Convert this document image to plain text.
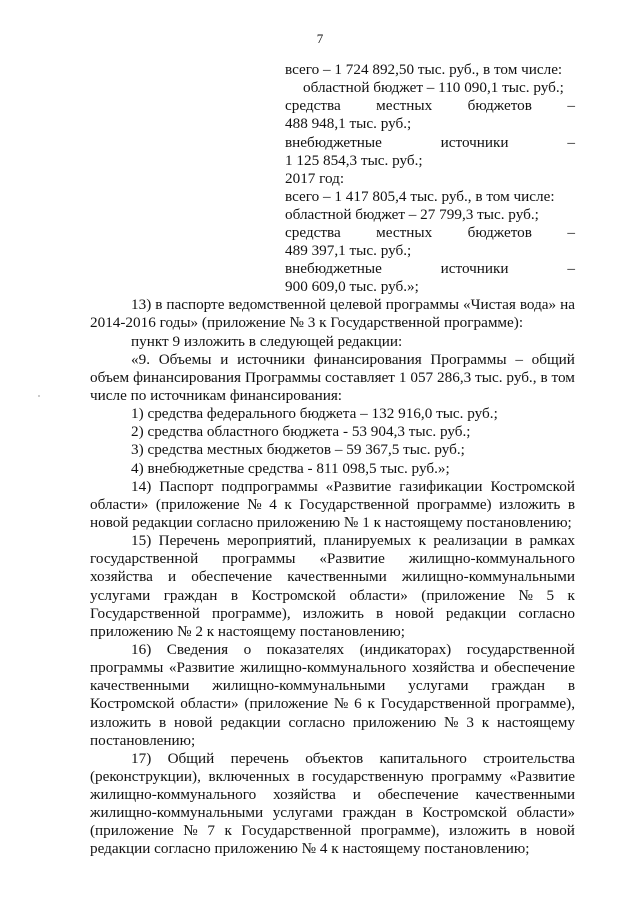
7
всего – 1 724 892,50 тыс. руб., в том числе:
областной бюджет – 110 090,1 тыс. руб.;
средства местных бюджетов –
488 948,1 тыс. руб.;
внебюджетные	источники	–
1 125 854,3 тыс. руб.;
2017 год:
всего – 1 417 805,4 тыс. руб., в том числе:
областной бюджет – 27 799,3 тыс. руб.;
средства местных бюджетов –
489 397,1 тыс. руб.;
внебюджетные	источники	–
900 609,0 тыс. руб.»;
13) в паспорте ведомственной целевой программы «Чистая вода» на
2014-2016 годы» (приложение № 3 к Государственной программе):
пункт 9 изложить в следующей редакции:
«9. Объемы и источники финансирования Программы – общий
объем финансирования Программы составляет 1 057 286,3 тыс. руб., в том
числе по источникам финансирования:
1) средства федерального бюджета – 132 916,0 тыс. руб.;
2) средства областного бюджета - 53 904,3 тыс. руб.;
3) средства местных бюджетов – 59 367,5 тыс. руб.;
4) внебюджетные средства - 811 098,5 тыс. руб.»;
14) Паспорт подпрограммы «Развитие газификации Костромской
области» (приложение № 4 к Государственной программе) изложить в
новой редакции согласно приложению № 1 к настоящему постановлению;
15) Перечень мероприятий, планируемых к реализации в рамках
государственной программы «Развитие жилищно-коммунального
хозяйства и обеспечение качественными жилищно-коммунальными
услугами граждан в Костромской области» (приложение № 5 к
Государственной программе), изложить в новой редакции согласно
приложению № 2 к настоящему постановлению;
16) Сведения о показателях (индикаторах) государственной
программы «Развитие жилищно-коммунального хозяйства и обеспечение
качественными жилищно-коммунальными услугами граждан в
Костромской области» (приложение № 6 к Государственной программе),
изложить в новой редакции согласно приложению № 3 к настоящему
постановлению;
17) Общий перечень объектов капитального строительства
(реконструкции), включенных в государственную программу «Развитие
жилищно-коммунального хозяйства и обеспечение качественными
жилищно-коммунальными услугами граждан в Костромской области»
(приложение № 7 к Государственной программе), изложить в новой
редакции согласно приложению № 4 к настоящему постановлению;
